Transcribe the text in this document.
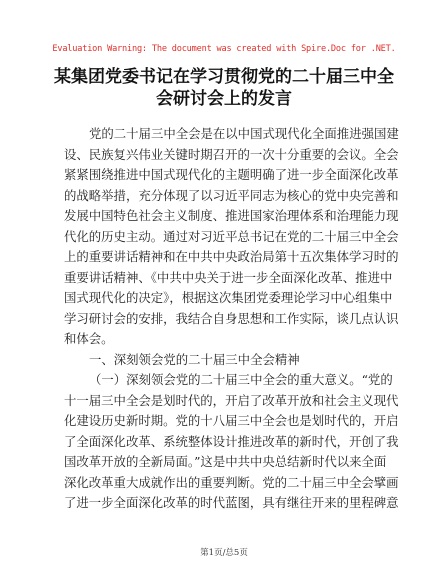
Evaluation Warning: The document was created with Spire.Doc for .NET.
某集团党委书记在学习贯彻党的二十届三中全
会研讨会上的发言
党的二十届三中全会是在以中国式现代化全面推进强国建
设、民族复兴伟业关键时期召开的一次十分重要的会议。全会
紧紧围绕推进中国式现代化的主题明确了进一步全面深化改革
的战略举措，充分体现了以习近平同志为核心的党中央完善和
发展中国特色社会主义制度、推进国家治理体系和治理能力现
代化的历史主动。通过对习近平总书记在党的二十届三中全会
上的重要讲话精神和在中共中央政治局第十五次集体学习时的
重要讲话精神、《中共中央关于进一步全面深化改革、推进中
国式现代化的决定》，根据这次集团党委理论学习中心组集中
学习研讨会的安排，我结合自身思想和工作实际，谈几点认识
和体会。
一、深刻领会党的二十届三中全会精神
（一）深刻领会党的二十届三中全会的重大意义。“党的
十一届三中全会是划时代的，开启了改革开放和社会主义现代
化建设历史新时期。党的十八届三中全会也是划时代的，开启
了全面深化改革、系统整体设计推进改革的新时代，开创了我
国改革开放的全新局面。”这是中共中央总结新时代以来全面
深化改革重大成就作出的重要判断。党的二十届三中全会擘画
了进一步全面深化改革的时代蓝图，具有继往开来的里程碑意
第1页/总5页
